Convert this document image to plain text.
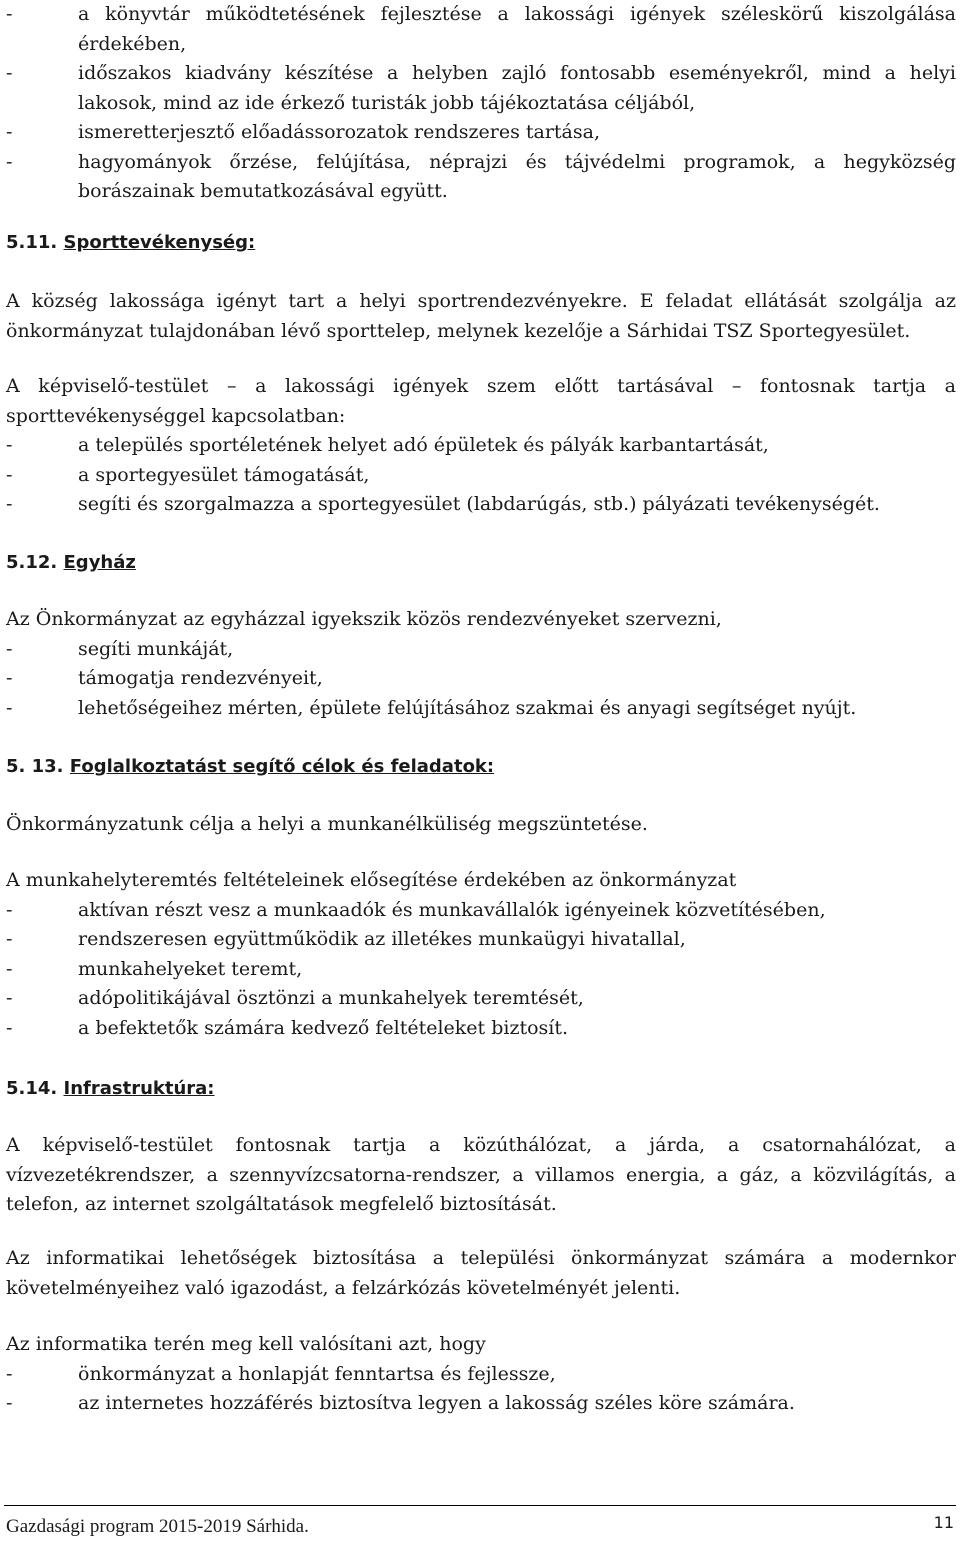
-	a könyvtár működtetésének fejlesztése a lakossági igények széleskörű kiszolgálása
érdekében,
-	időszakos kiadvány készítése a helyben zajló fontosabb eseményekről, mind a helyi
lakosok, mind az ide érkező turisták jobb tájékoztatása céljából,
-	ismeretterjesztő előadássorozatok rendszeres tartása,
-	hagyományok őrzése, felújítása, néprajzi és tájvédelmi programok, a hegyközség
borászainak bemutatkozásával együtt.
5.11. Sporttevékenység:
A község lakossága igényt tart a helyi sportrendezvényekre. E feladat ellátását szolgálja az
önkormányzat tulajdonában lévő sporttelep, melynek kezelője a Sárhidai TSZ Sportegyesület.
A képviselő-testület – a lakossági igények szem előtt tartásával – fontosnak tartja a
sporttevékenységgel kapcsolatban:
-	a település sportéletének helyet adó épületek és pályák karbantartását,
-	a sportegyesület támogatását,
-	segíti és szorgalmazza a sportegyesület (labdarúgás, stb.) pályázati tevékenységét.
5.12. Egyház
Az Önkormányzat az egyházzal igyekszik közös rendezvényeket szervezni,
-	segíti munkáját,
-	támogatja rendezvényeit,
-	lehetőségeihez mérten, épülete felújításához szakmai és anyagi segítséget nyújt.
5. 13. Foglalkoztatást segítő célok és feladatok:
Önkormányzatunk célja a helyi a munkanélküliség megszüntetése.
A munkahelyteremtés feltételeinek elősegítése érdekében az önkormányzat
-	aktívan részt vesz a munkaadók és munkavállalók igényeinek közvetítésében,
-	rendszeresen együttműködik az illetékes munkaügyi hivatallal,
-	munkahelyeket teremt,
-	adópolitikájával ösztönzi a munkahelyek teremtését,
-	a befektetők számára kedvező feltételeket biztosít.
5.14. Infrastruktúra:
A képviselő-testület fontosnak tartja a közúthálózat, a járda, a csatornahálózat, a
vízvezetékrendszer, a szennyvízcsatorna-rendszer, a villamos energia, a gáz, a közvilágítás, a
telefon, az internet szolgáltatások megfelelő biztosítását.
Az informatikai lehetőségek biztosítása a települési önkormányzat számára a modernkor
követelményeihez való igazodást, a felzárkózás követelményét jelenti.
Az informatika terén meg kell valósítani azt, hogy
-	önkormányzat a honlapját fenntartsa és fejlessze,
-	az internetes hozzáférés biztosítva legyen a lakosság széles köre számára.
Gazdasági program 2015-2019 Sárhida.	11
